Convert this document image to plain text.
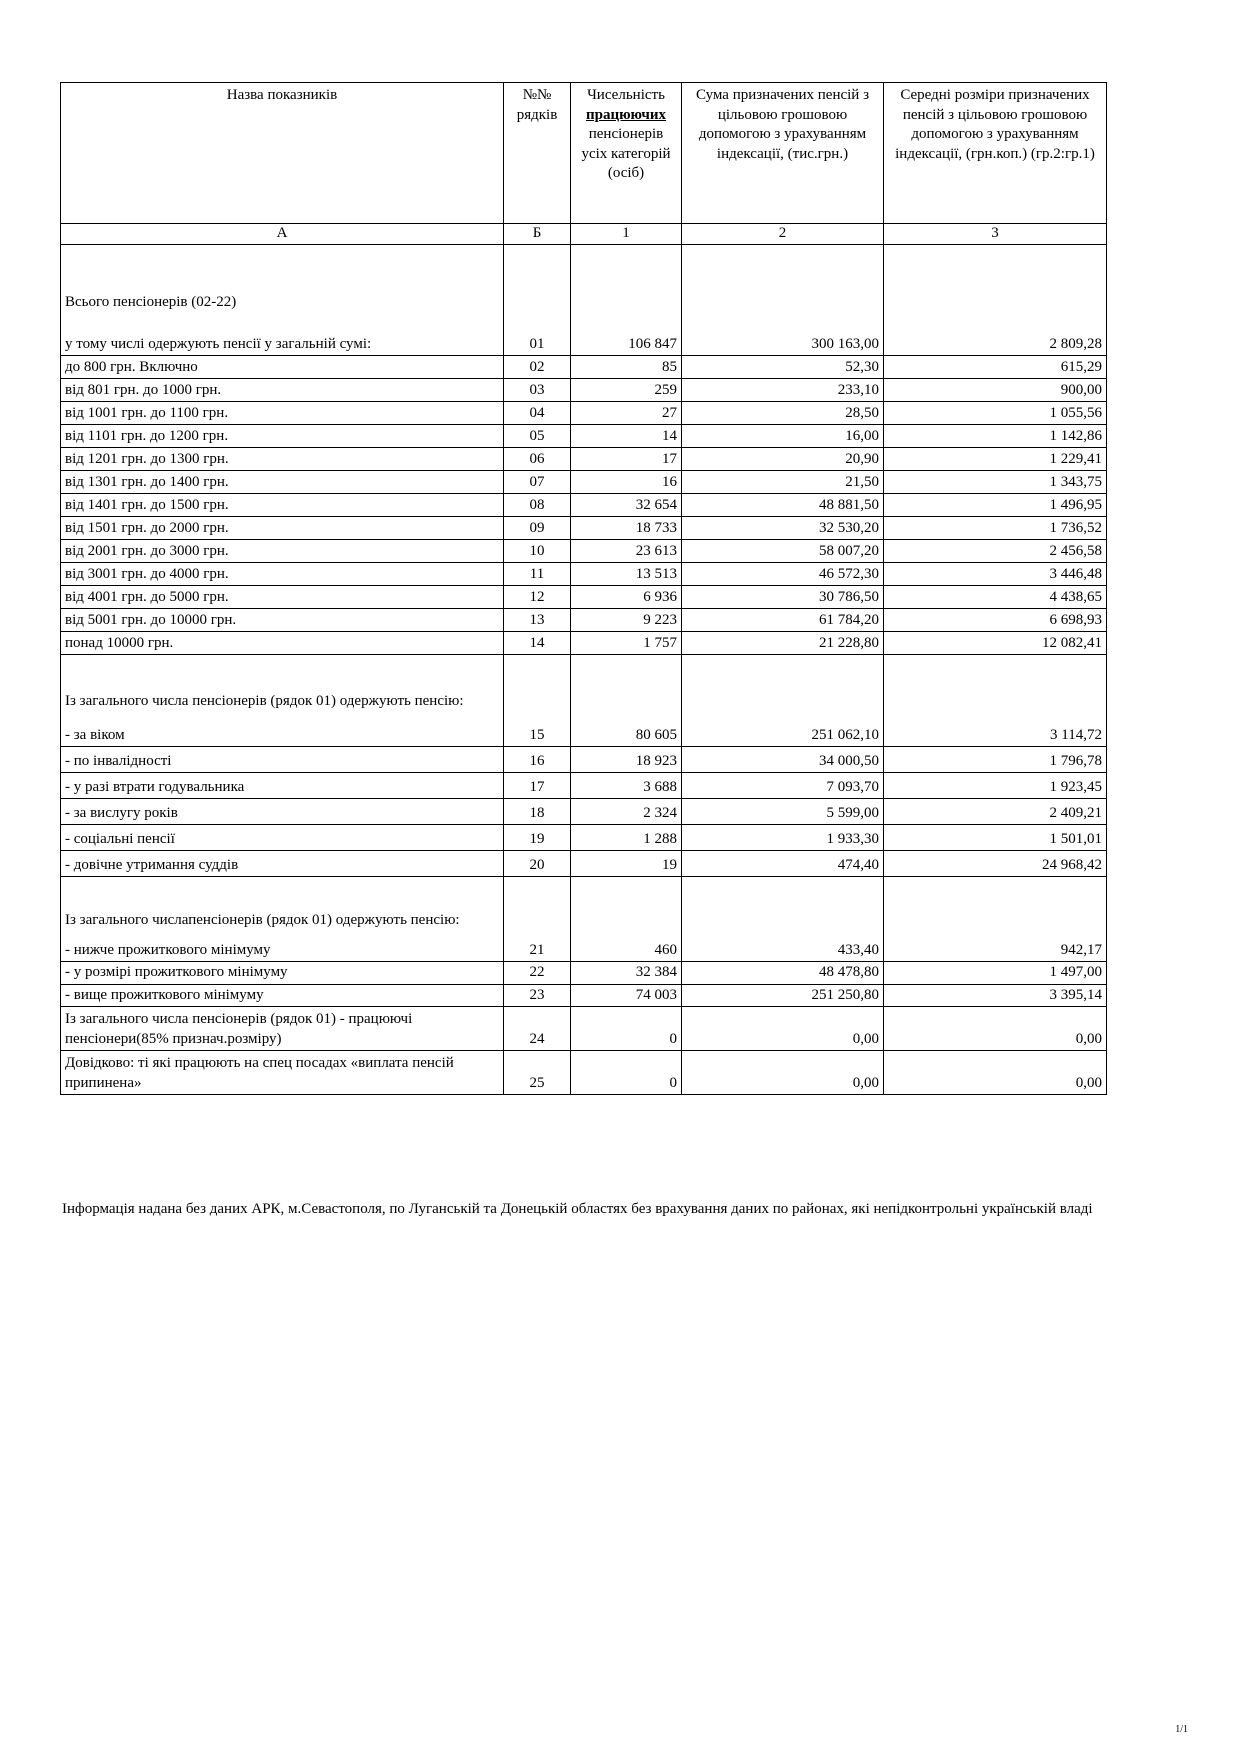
Назва показників	№№ рядків	Чисельність
працюючих
пенсіонерів усіх категорій (осіб)	Сума призначених пенсій з цільовою грошовою допомогою з урахуванням індексації, (тис.грн.)	Середні розміри призначених пенсій з цільовою грошовою допомогою з урахуванням індексації, (грн.коп.) (гр.2:гр.1)
А	Б	1	2	3

Всього пенсіонерів (02-22)
у тому числі одержують пенсії у загальній сумі:	01	106 847	300 163,00	2 809,28
до 800 грн. Включно	02	85	52,30	615,29
від 801 грн. до 1000 грн.	03	259	233,10	900,00
від 1001 грн. до 1100 грн.	04	27	28,50	1 055,56
від 1101 грн. до 1200 грн.	05	14	16,00	1 142,86
від 1201 грн. до 1300 грн.	06	17	20,90	1 229,41
від 1301 грн. до 1400 грн.	07	16	21,50	1 343,75
від 1401 грн. до 1500 грн.	08	32 654	48 881,50	1 496,95
від 1501 грн. до 2000 грн.	09	18 733	32 530,20	1 736,52
від 2001 грн. до 3000 грн.	10	23 613	58 007,20	2 456,58
від 3001 грн. до 4000 грн.	11	13 513	46 572,30	3 446,48
від 4001 грн. до 5000 грн.	12	6 936	30 786,50	4 438,65
від 5001 грн. до 10000 грн.	13	9 223	61 784,20	6 698,93
понад 10000 грн.	14	1 757	21 228,80	12 082,41

Із загального числа пенсіонерів (рядок 01) одержують пенсію:
- за віком	15	80 605	251 062,10	3 114,72
- по інвалідності	16	18 923	34 000,50	1 796,78
- у разі втрати годувальника	17	3 688	7 093,70	1 923,45
- за вислугу років	18	2 324	5 599,00	2 409,21
- соціальні пенсії	19	1 288	1 933,30	1 501,01
- довічне утримання суддів	20	19	474,40	24 968,42

Із загального числапенсіонерів (рядок 01) одержують пенсію:
- нижче прожиткового мінімуму	21	460	433,40	942,17
- у розмірі прожиткового мінімуму	22	32 384	48 478,80	1 497,00
- вище прожиткового мінімуму	23	74 003	251 250,80	3 395,14
Із загального числа пенсіонерів (рядок 01) - працюючі пенсіонери(85% признач.розміру)	24	0	0,00	0,00
Довідково: ті які працюють на спец посадах «виплата пенсій припинена»	25	0	0,00	0,00
Інформація надана без даних АРК, м.Севастополя, по Луганській та Донецькій областях без врахування даних по районах, які непідконтрольні українській владі
1/1
